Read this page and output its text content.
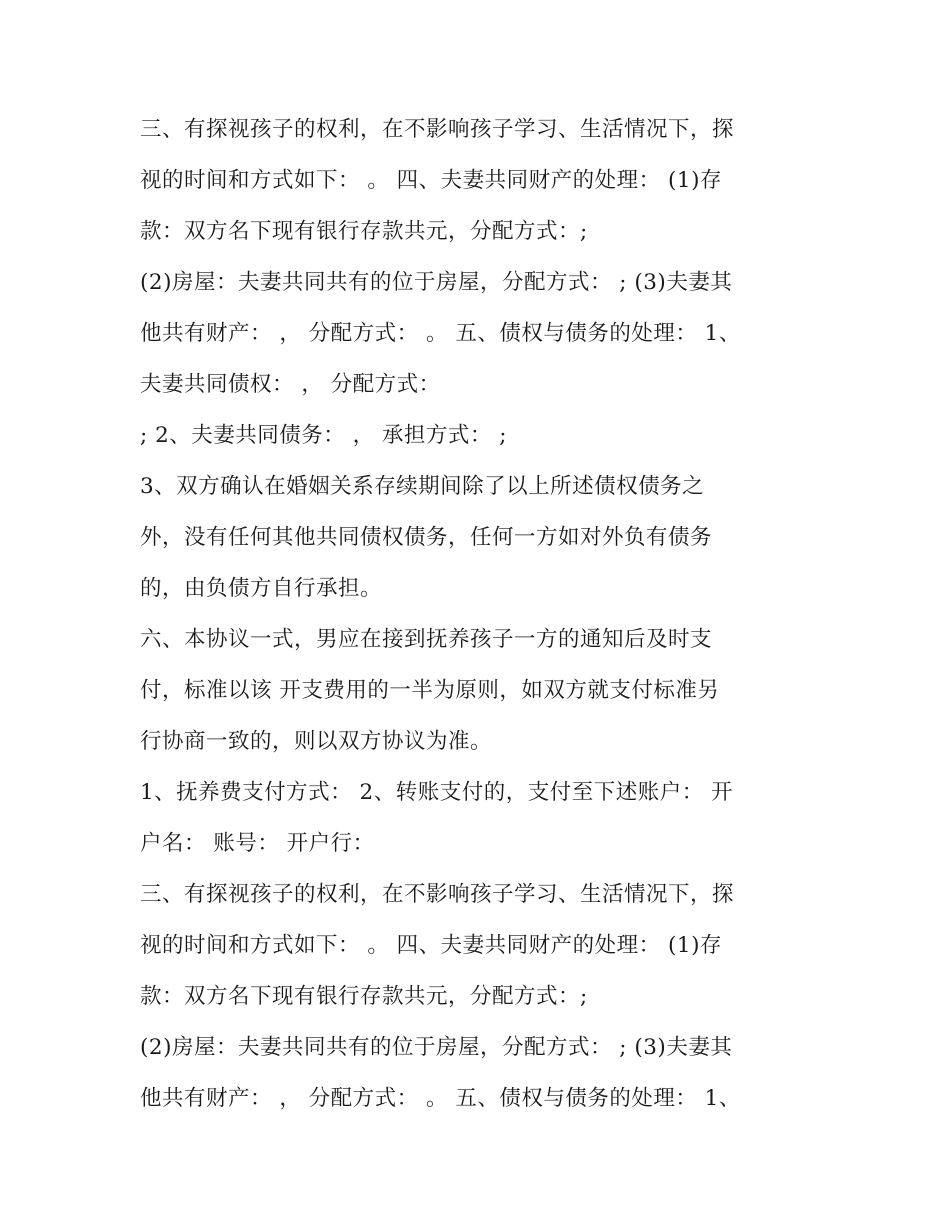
三、有探视孩子的权利，在不影响孩子学习、生活情况下，探
视的时间和方式如下： 。 四、夫妻共同财产的处理： (1)存
款：双方名下现有银行存款共元，分配方式：;
(2)房屋：夫妻共同共有的位于房屋，分配方式： ; (3)夫妻其
他共有财产： ， 分配方式： 。 五、债权与债务的处理： 1、
夫妻共同债权： ， 分配方式：
; 2、夫妻共同债务： ， 承担方式： ;
3、双方确认在婚姻关系存续期间除了以上所述债权债务之
外，没有任何其他共同债权债务，任何一方如对外负有债务
的，由负债方自行承担。
六、本协议一式，男应在接到抚养孩子一方的通知后及时支
付，标准以该 开支费用的一半为原则，如双方就支付标准另
行协商一致的，则以双方协议为准。
1、抚养费支付方式： 2、转账支付的，支付至下述账户： 开
户名： 账号： 开户行：
三、有探视孩子的权利，在不影响孩子学习、生活情况下，探
视的时间和方式如下： 。 四、夫妻共同财产的处理： (1)存
款：双方名下现有银行存款共元，分配方式：;
(2)房屋：夫妻共同共有的位于房屋，分配方式： ; (3)夫妻其
他共有财产： ， 分配方式： 。 五、债权与债务的处理： 1、
